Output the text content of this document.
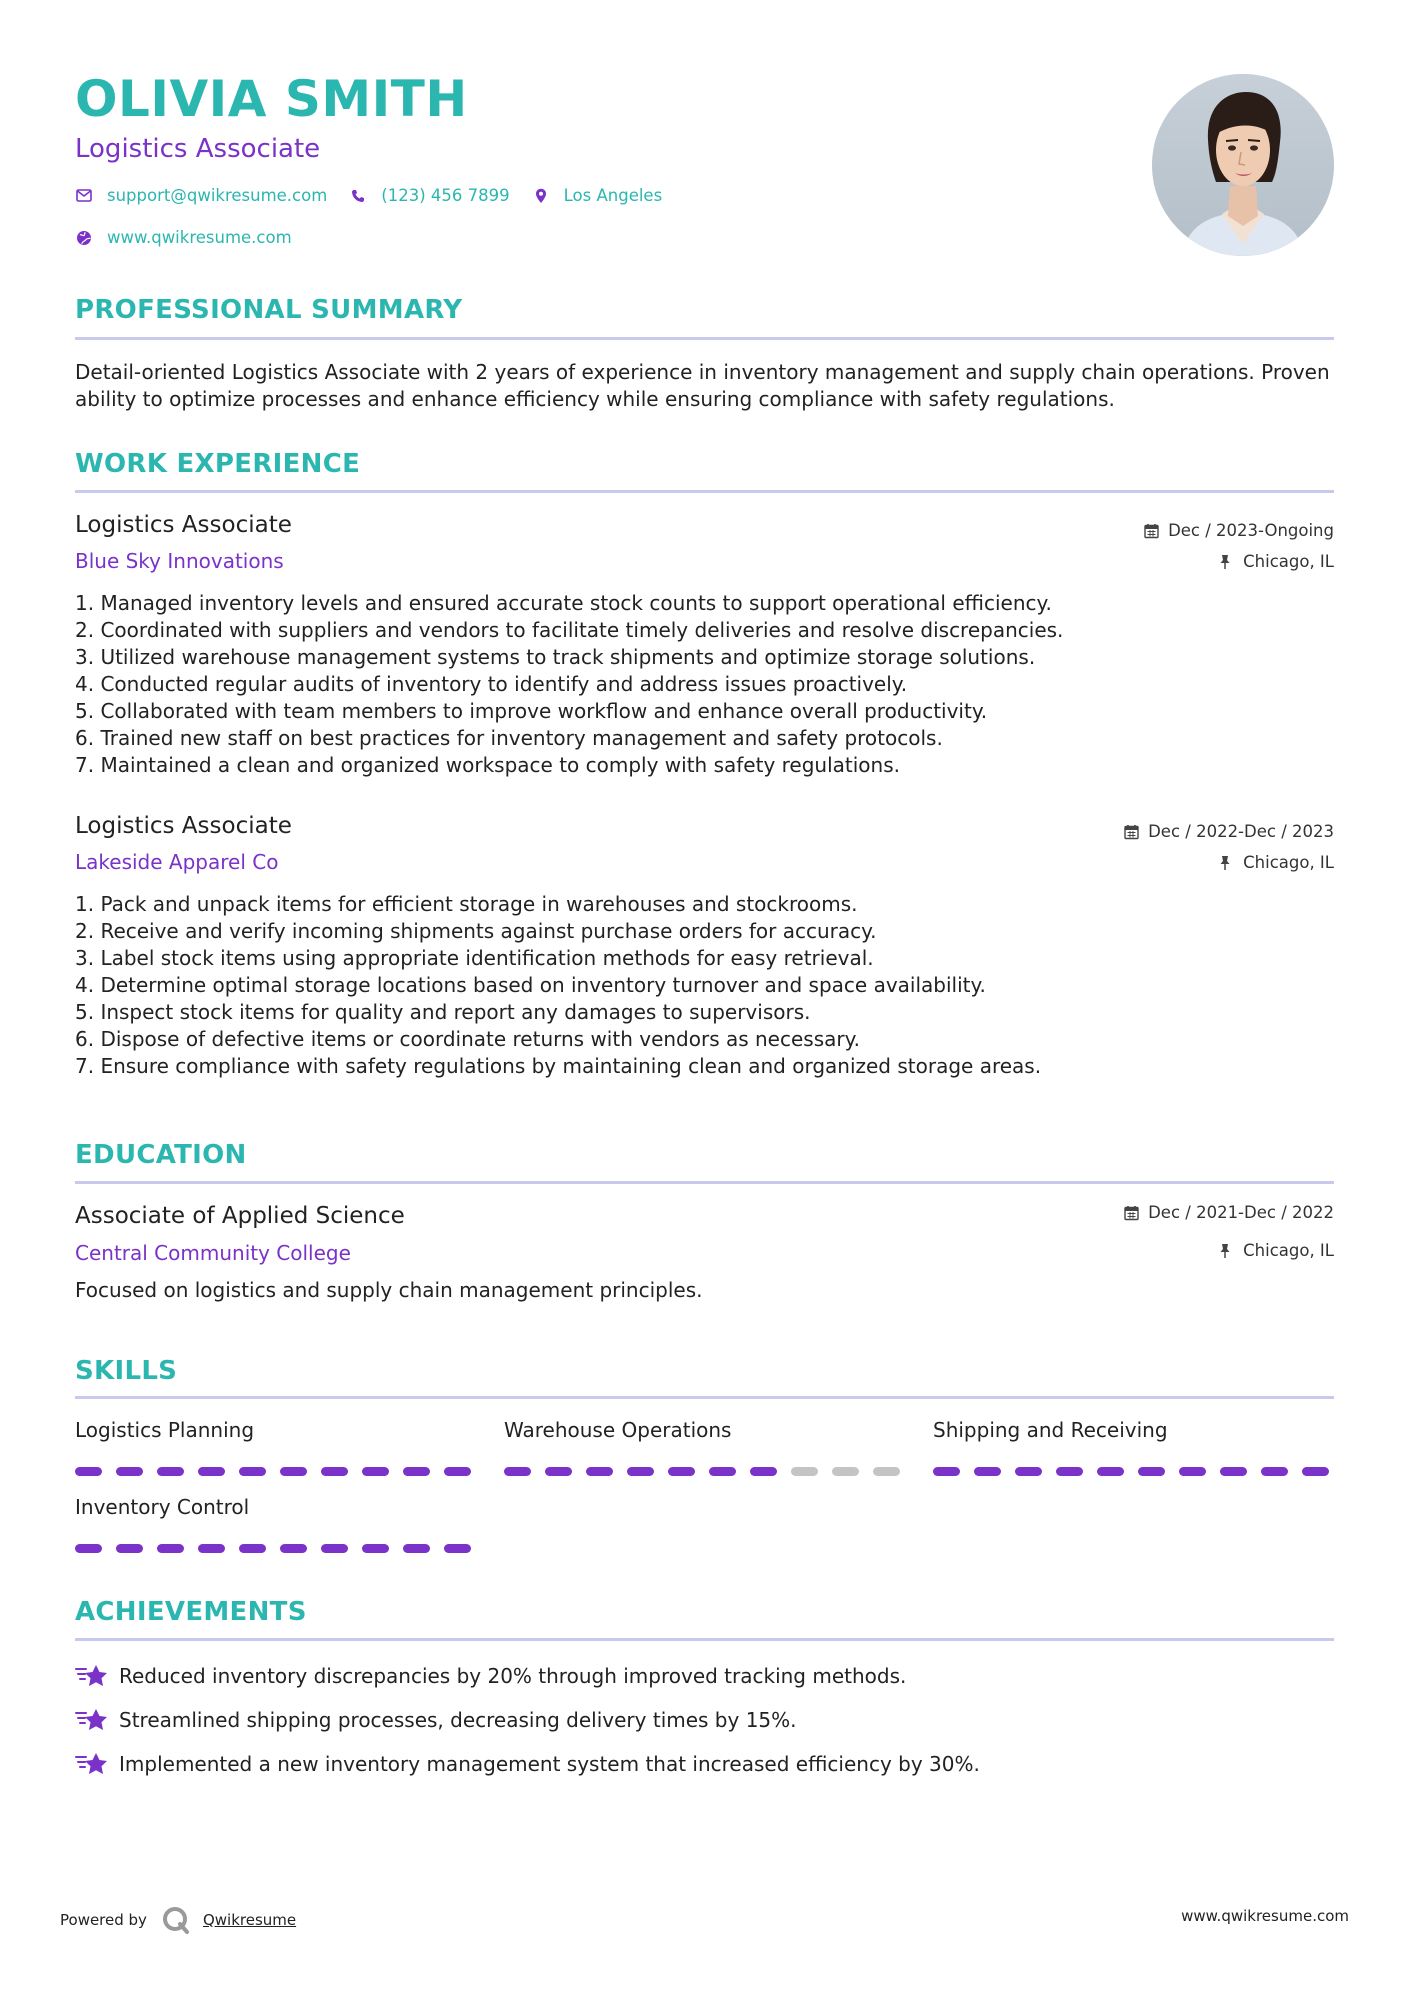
OLIVIA SMITH
Logistics Associate
support@qwikresume.com	(123) 456 7899	Los Angeles
www.qwikresume.com
PROFESSIONAL SUMMARY
Detail-oriented Logistics Associate with 2 years of experience in inventory management and supply chain operations. Proven ability to optimize processes and enhance efficiency while ensuring compliance with safety regulations.
WORK EXPERIENCE
Logistics Associate
Blue Sky Innovations
Dec / 2023-Ongoing
Chicago, IL
1. Managed inventory levels and ensured accurate stock counts to support operational efficiency.
2. Coordinated with suppliers and vendors to facilitate timely deliveries and resolve discrepancies.
3. Utilized warehouse management systems to track shipments and optimize storage solutions.
4. Conducted regular audits of inventory to identify and address issues proactively.
5. Collaborated with team members to improve workflow and enhance overall productivity.
6. Trained new staff on best practices for inventory management and safety protocols.
7. Maintained a clean and organized workspace to comply with safety regulations.
Logistics Associate
Lakeside Apparel Co
Dec / 2022-Dec / 2023
Chicago, IL
1. Pack and unpack items for efficient storage in warehouses and stockrooms.
2. Receive and verify incoming shipments against purchase orders for accuracy.
3. Label stock items using appropriate identification methods for easy retrieval.
4. Determine optimal storage locations based on inventory turnover and space availability.
5. Inspect stock items for quality and report any damages to supervisors.
6. Dispose of defective items or coordinate returns with vendors as necessary.
7. Ensure compliance with safety regulations by maintaining clean and organized storage areas.
EDUCATION
Associate of Applied Science
Central Community College
Dec / 2021-Dec / 2022
Chicago, IL
Focused on logistics and supply chain management principles.
SKILLS
Logistics Planning	Warehouse Operations	Shipping and Receiving
Inventory Control
ACHIEVEMENTS
Reduced inventory discrepancies by 20% through improved tracking methods.
Streamlined shipping processes, decreasing delivery times by 15%.
Implemented a new inventory management system that increased efficiency by 30%.
Powered by	Qwikresume	www.qwikresume.com
